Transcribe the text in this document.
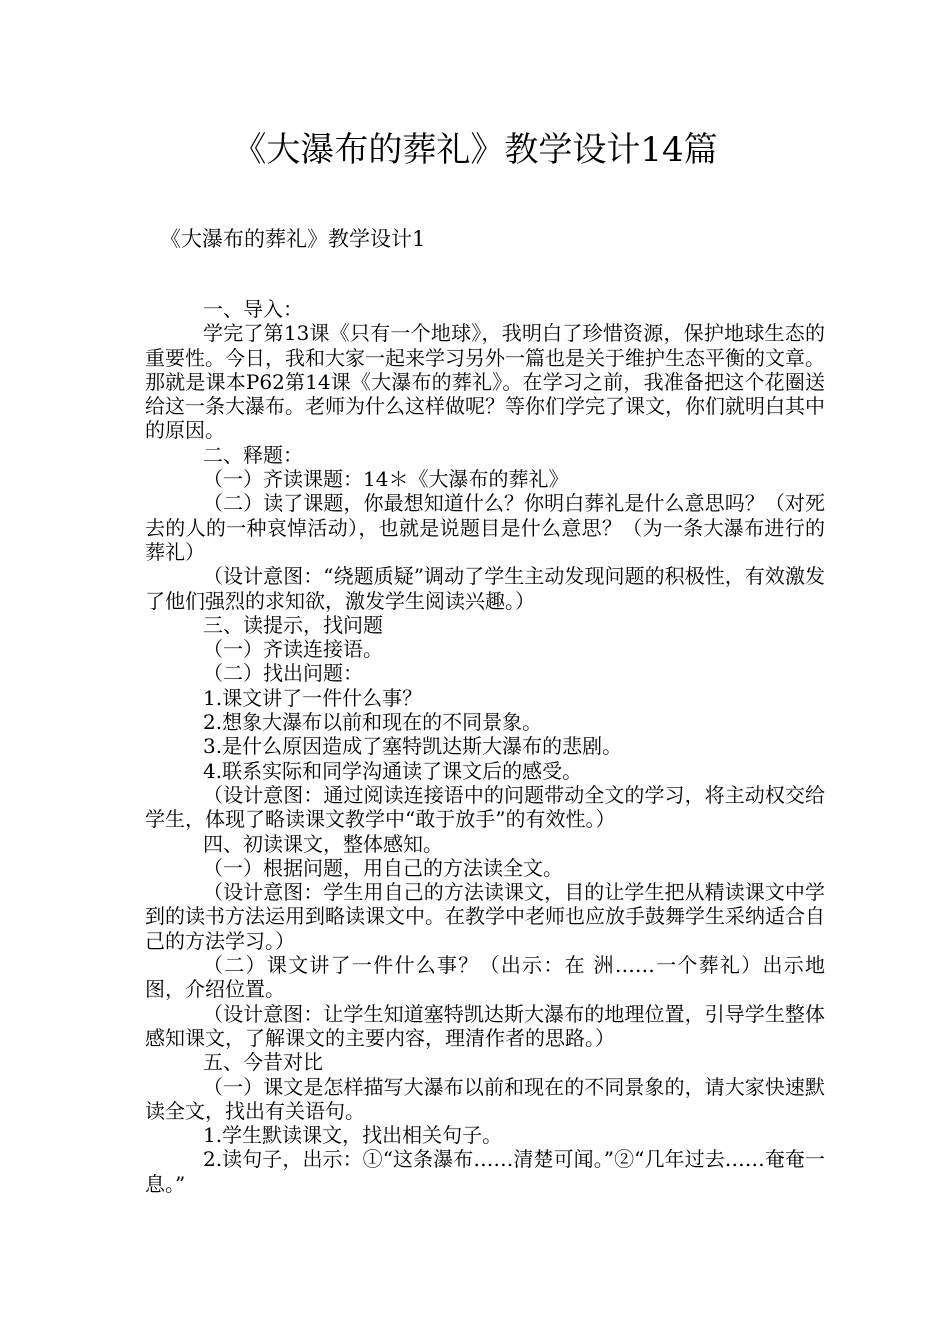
《大瀑布的葬礼》教学设计14篇
《大瀑布的葬礼》教学设计1

一、导入：

学完了第13课《只有一个地球》，我明白了珍惜资源，保护地球生态的重要性。今日，我和大家一起来学习另外一篇也是关于维护生态平衡的文章。那就是课本P62第14课《大瀑布的葬礼》。在学习之前，我准备把这个花圈送给这一条大瀑布。老师为什么这样做呢？等你们学完了课文，你们就明白其中的原因。

二、释题：

（一）齐读课题：14＊《大瀑布的葬礼》

（二）读了课题，你最想知道什么？你明白葬礼是什么意思吗？（对死去的人的一种哀悼活动），也就是说题目是什么意思？（为一条大瀑布进行的葬礼）

（设计意图：“绕题质疑”调动了学生主动发现问题的积极性，有效激发了他们强烈的求知欲，激发学生阅读兴趣。）

三、读提示，找问题

（一）齐读连接语。

（二）找出问题：

1.课文讲了一件什么事？

2.想象大瀑布以前和现在的不同景象。

3.是什么原因造成了塞特凯达斯大瀑布的悲剧。

4.联系实际和同学沟通读了课文后的感受。

（设计意图：通过阅读连接语中的问题带动全文的学习，将主动权交给学生，体现了略读课文教学中“敢于放手”的有效性。）

四、初读课文，整体感知。

（一）根据问题，用自己的方法读全文。

（设计意图：学生用自己的方法读课文，目的让学生把从精读课文中学到的读书方法运用到略读课文中。在教学中老师也应放手鼓舞学生采纳适合自己的方法学习。）

（二）课文讲了一件什么事？（出示：在 洲……一个葬礼）出示地图，介绍位置。

（设计意图：让学生知道塞特凯达斯大瀑布的地理位置，引导学生整体感知课文，了解课文的主要内容，理清作者的思路。）

五、今昔对比

（一）课文是怎样描写大瀑布以前和现在的不同景象的，请大家快速默读全文，找出有关语句。

1.学生默读课文，找出相关句子。

2.读句子，出示：①“这条瀑布……清楚可闻。”②“几年过去……奄奄一息。”
